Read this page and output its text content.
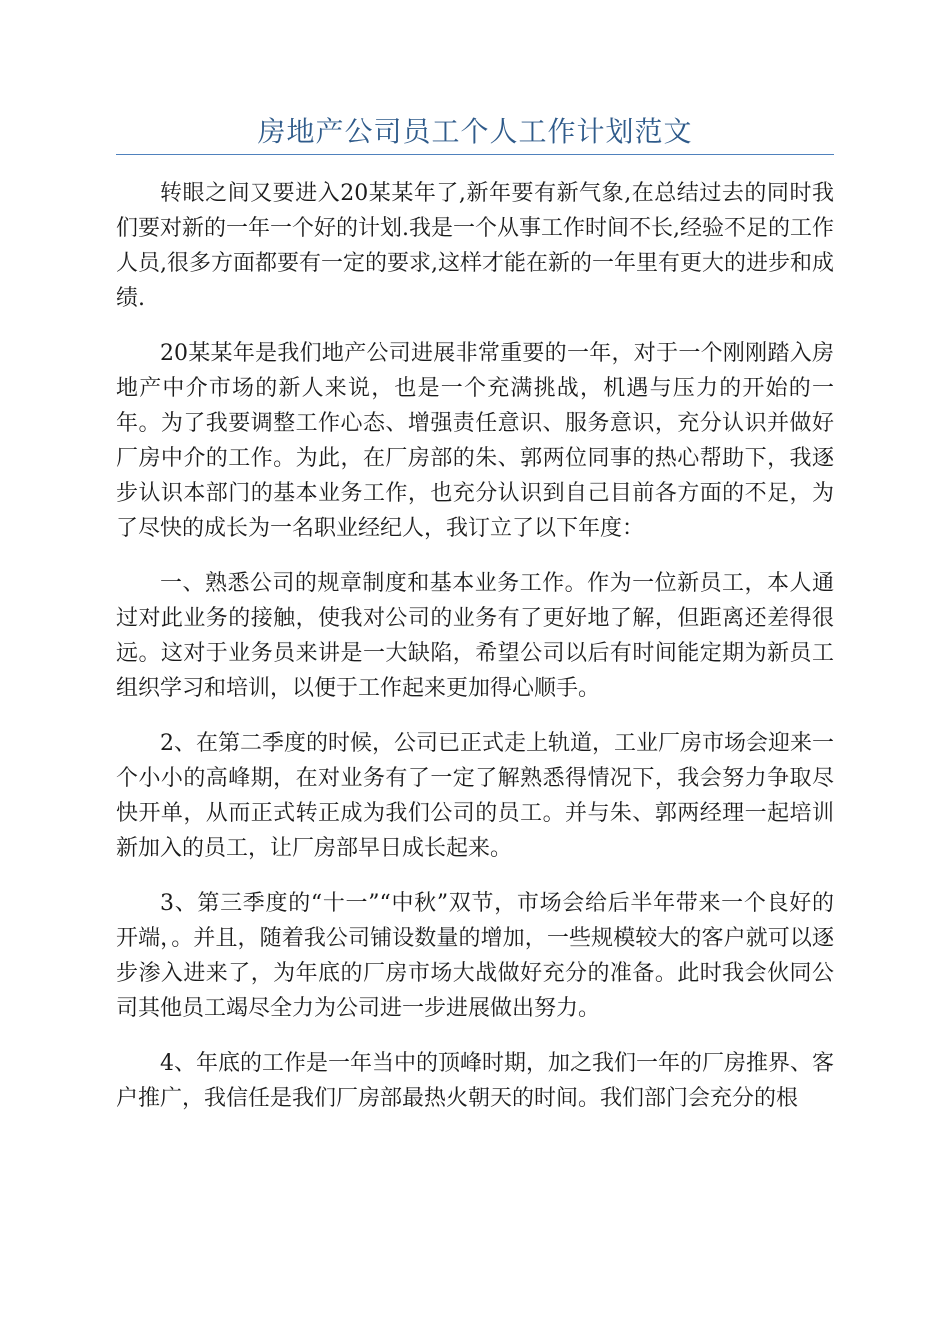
房地产公司员工个人工作计划范文

转眼之间又要进入20某某年了,新年要有新气象,在总结过去的同时我们要对新的一年一个好的计划.我是一个从事工作时间不长,经验不足的工作人员,很多方面都要有一定的要求,这样才能在新的一年里有更大的进步和成绩.

20某某年是我们地产公司进展非常重要的一年，对于一个刚刚踏入房地产中介市场的新人来说，也是一个充满挑战，机遇与压力的开始的一年。为了我要调整工作心态、增强责任意识、服务意识，充分认识并做好厂房中介的工作。为此，在厂房部的朱、郭两位同事的热心帮助下，我逐步认识本部门的基本业务工作，也充分认识到自己目前各方面的不足，为了尽快的成长为一名职业经纪人，我订立了以下年度：

一、熟悉公司的规章制度和基本业务工作。作为一位新员工，本人通过对此业务的接触，使我对公司的业务有了更好地了解，但距离还差得很远。这对于业务员来讲是一大缺陷，希望公司以后有时间能定期为新员工组织学习和培训，以便于工作起来更加得心顺手。

2、在第二季度的时候，公司已正式走上轨道，工业厂房市场会迎来一个小小的高峰期，在对业务有了一定了解熟悉得情况下，我会努力争取尽快开单，从而正式转正成为我们公司的员工。并与朱、郭两经理一起培训新加入的员工，让厂房部早日成长起来。

3、第三季度的“十一”“中秋”双节，市场会给后半年带来一个良好的开端，。并且，随着我公司铺设数量的增加，一些规模较大的客户就可以逐步渗入进来了，为年底的厂房市场大战做好充分的准备。此时我会伙同公司其他员工竭尽全力为公司进一步进展做出努力。

4、年底的工作是一年当中的顶峰时期，加之我们一年的厂房推界、客户推广，我信任是我们厂房部最热火朝天的时间。我们部门会充分的根
